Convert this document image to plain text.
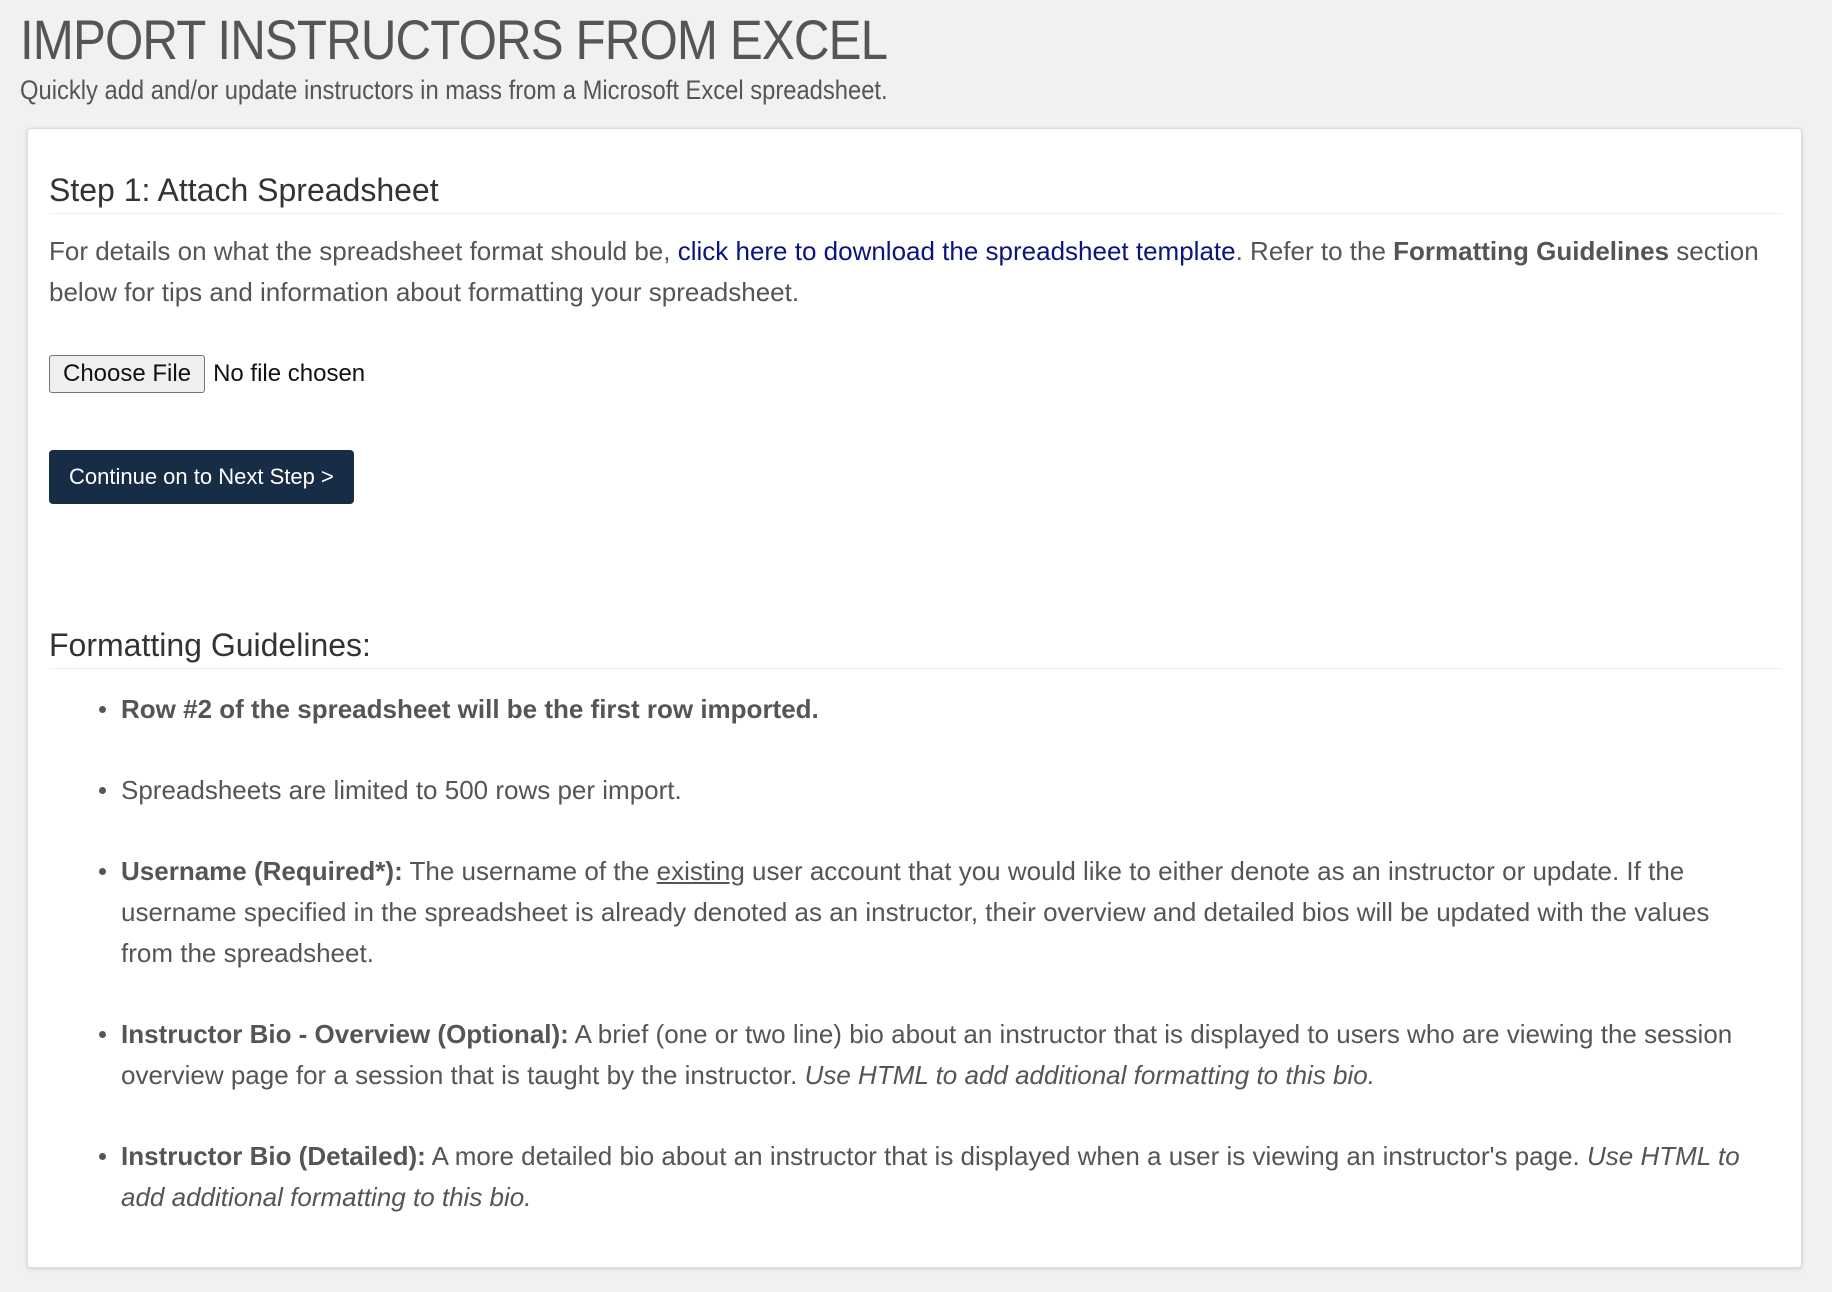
IMPORT INSTRUCTORS FROM EXCEL

Quickly add and/or update instructors in mass from a Microsoft Excel spreadsheet.

Step 1: Attach Spreadsheet

For details on what the spreadsheet format should be, click here to download the spreadsheet template. Refer to the Formatting Guidelines section below for tips and information about formatting your spreadsheet.

Choose File No file chosen
Continue on to Next Step >
Formatting Guidelines:
Row #2 of the spreadsheet will be the first row imported.
Spreadsheets are limited to 500 rows per import.
Username (Required*): The username of the existing user account that you would like to either denote as an instructor or update. If the username specified in the spreadsheet is already denoted as an instructor, their overview and detailed bios will be updated with the values from the spreadsheet.
Instructor Bio - Overview (Optional): A brief (one or two line) bio about an instructor that is displayed to users who are viewing the session overview page for a session that is taught by the instructor. Use HTML to add additional formatting to this bio.
Instructor Bio (Detailed): A more detailed bio about an instructor that is displayed when a user is viewing an instructor's page. Use HTML to add additional formatting to this bio.
